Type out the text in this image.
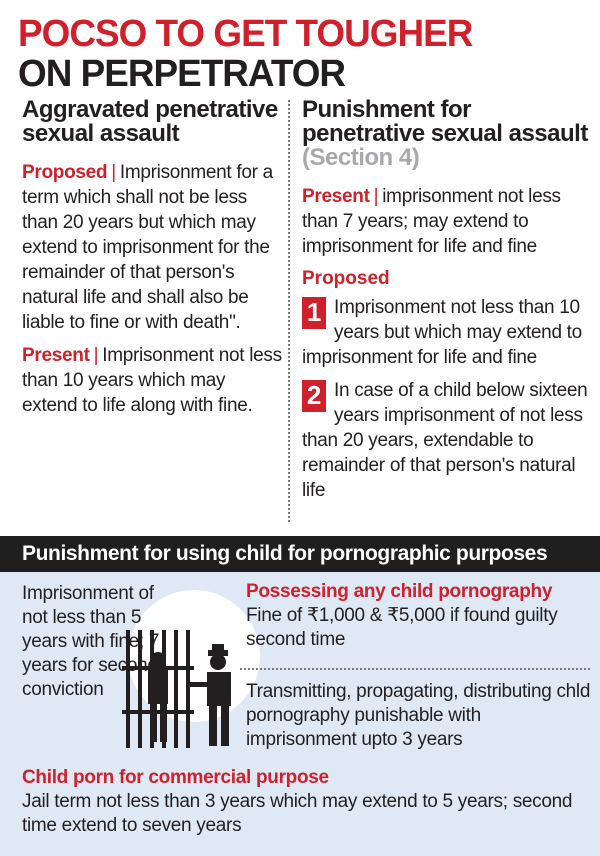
POCSO TO GET TOUGHER
ON PERPETRATOR
Aggravated penetrative sexual assault

Proposed | Imprisonment for a term which shall not be less than 20 years but which may extend to imprisonment for the remainder of that person's natural life and shall also be liable to fine or with death".

Present | Imprisonment not less than 10 years which may extend to life along with fine.

Punishment for penetrative sexual assault (Section 4)

Present | imprisonment not less than 7 years; may extend to imprisonment for life and fine

Proposed
1 Imprisonment not less than 10 years but which may extend to imprisonment for life and fine
2 In case of a child below sixteen years imprisonment of not less than 20 years, extendable to remainder of that person's natural life
Punishment for using child for pornographic purposes
Imprisonment of not less than 5 years with fine; 7 years for second conviction
Possessing any child pornography
Fine of ₹1,000 & ₹5,000 if found guilty second time
Transmitting, propagating, distributing chld pornography punishable with imprisonment upto 3 years
Child porn for commercial purpose
Jail term not less than 3 years which may extend to 5 years; second time extend to seven years
